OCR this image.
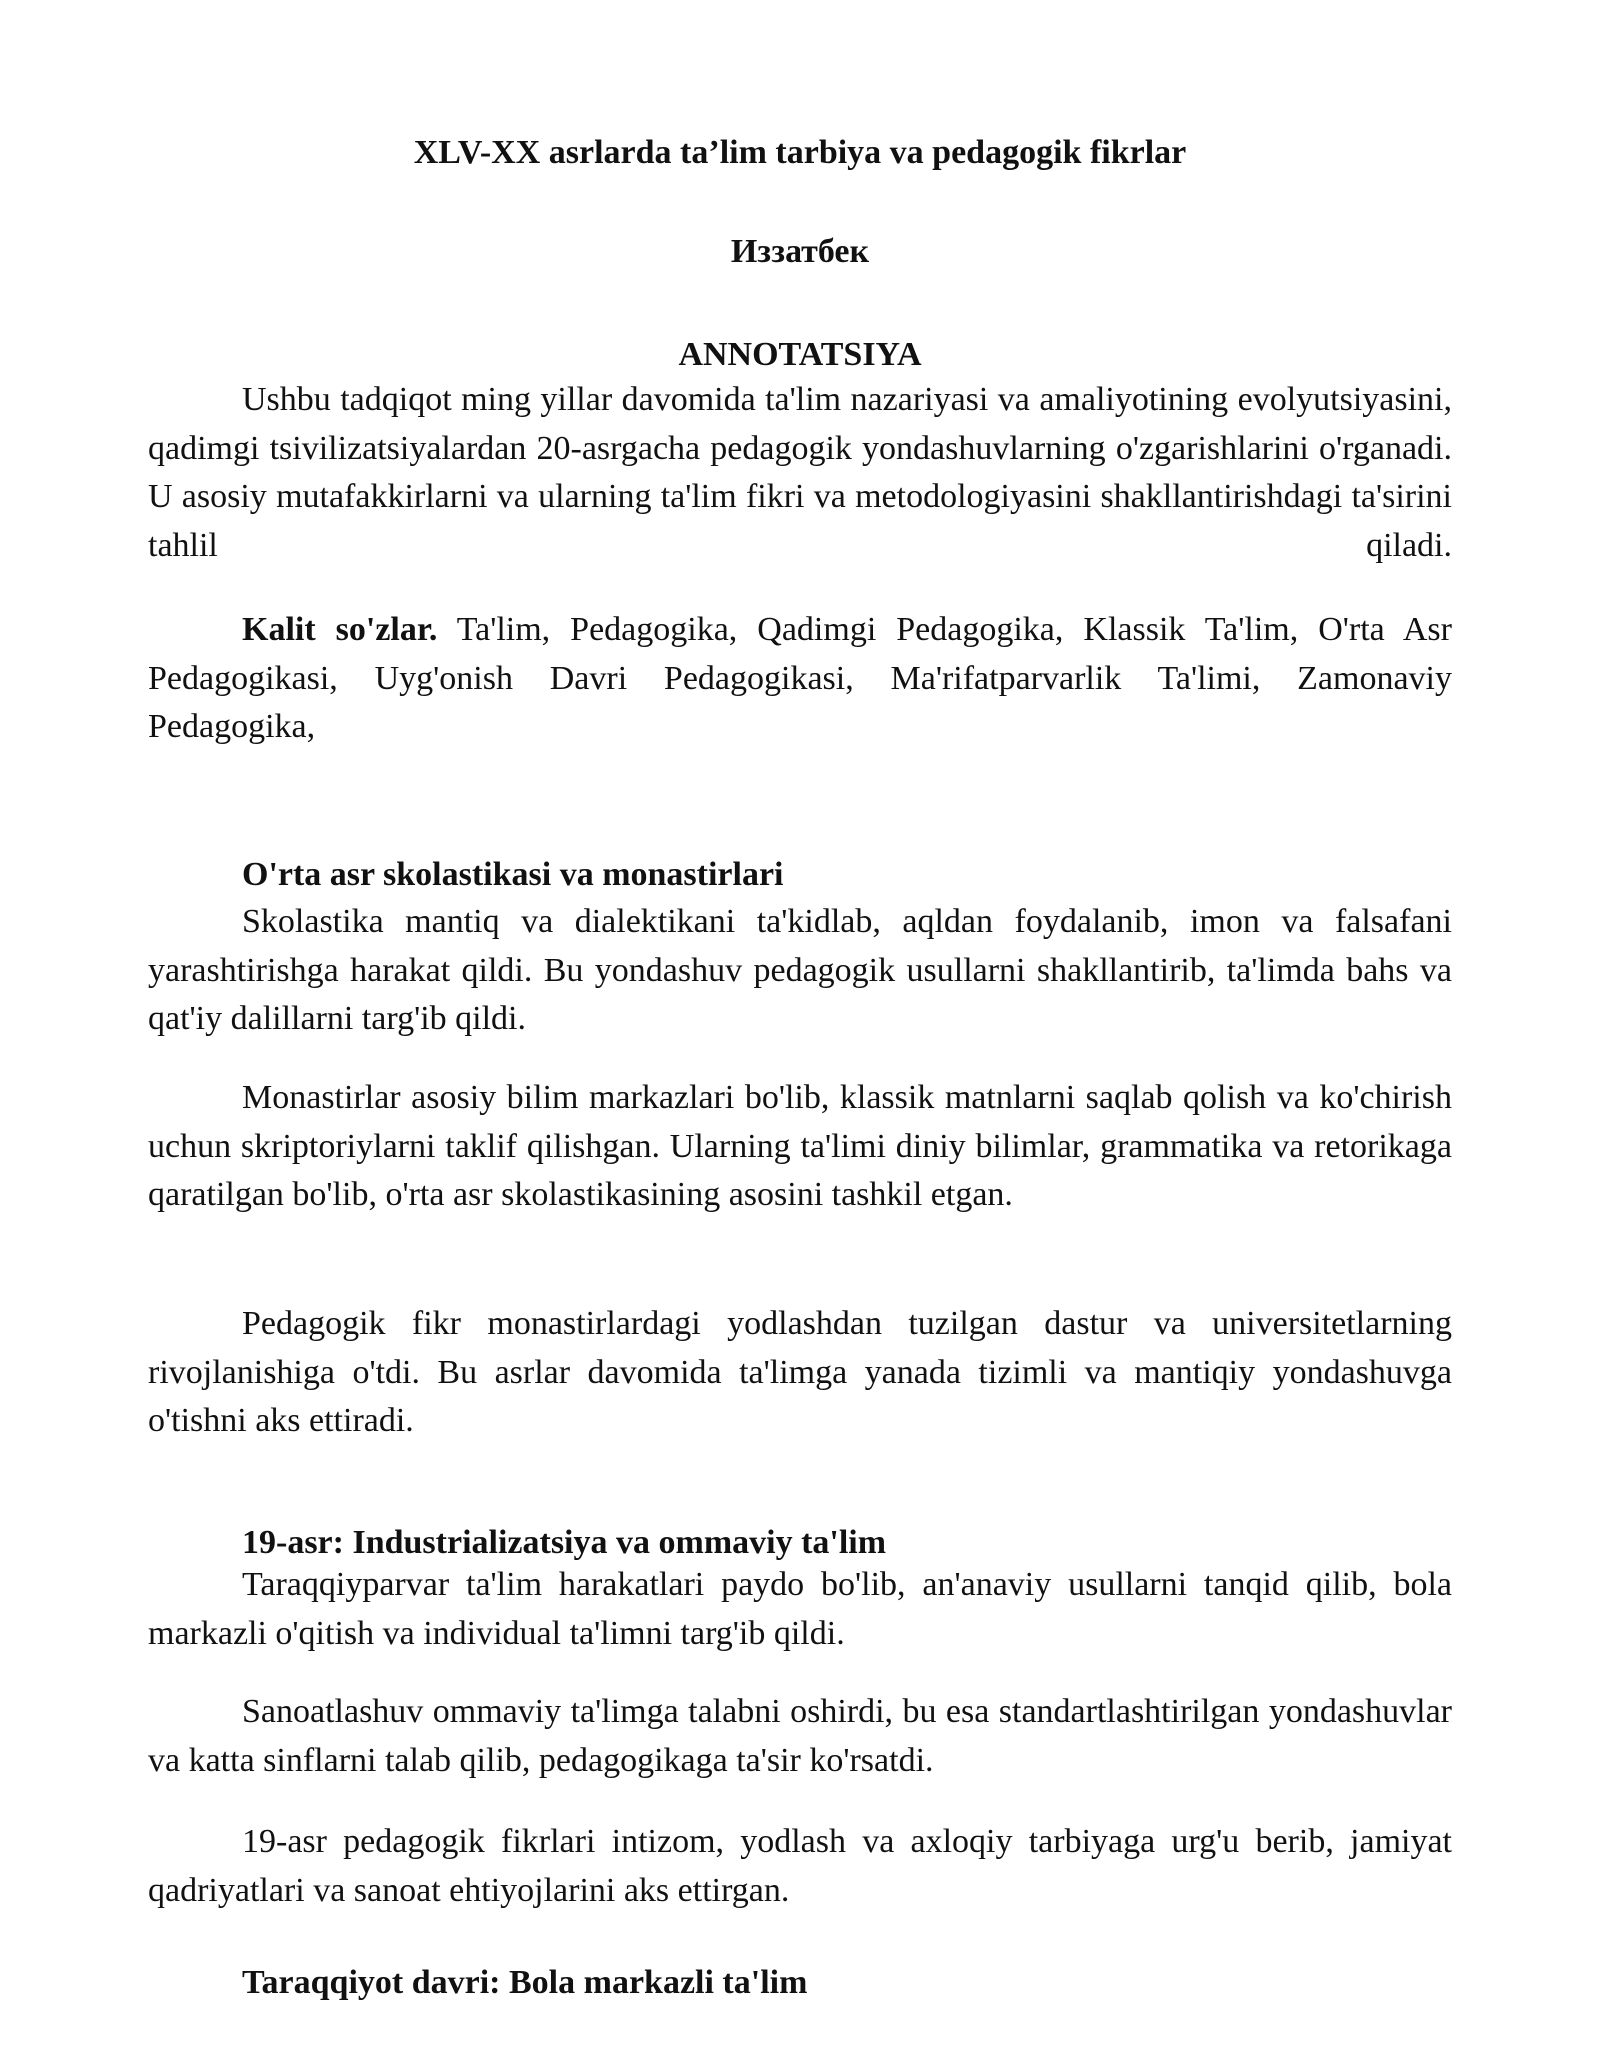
XLV-XX asrlarda ta’lim tarbiya va pedagogik fikrlar
Иззатбек
ANNOTATSIYA

Ushbu tadqiqot ming yillar davomida ta'lim nazariyasi va amaliyotining evolyutsiyasini, qadimgi tsivilizatsiyalardan 20-asrgacha pedagogik yondashuvlarning o'zgarishlarini o'rganadi. U asosiy mutafakkirlarni va ularning ta'lim fikri va metodologiyasini shakllantirishdagi ta'sirini tahlil qiladi.

Kalit so'zlar. Ta'lim, Pedagogika, Qadimgi Pedagogika, Klassik Ta'lim, O'rta Asr Pedagogikasi, Uyg'onish Davri Pedagogikasi, Ma'rifatparvarlik Ta'limi, Zamonaviy Pedagogika,

O'rta asr skolastikasi va monastirlari

Skolastika mantiq va dialektikani ta'kidlab, aqldan foydalanib, imon va falsafani yarashtirishga harakat qildi. Bu yondashuv pedagogik usullarni shakllantirib, ta'limda bahs va qat'iy dalillarni targ'ib qildi.

Monastirlar asosiy bilim markazlari bo'lib, klassik matnlarni saqlab qolish va ko'chirish uchun skriptoriylarni taklif qilishgan. Ularning ta'limi diniy bilimlar, grammatika va retorikaga qaratilgan bo'lib, o'rta asr skolastikasining asosini tashkil etgan.

Pedagogik fikr monastirlardagi yodlashdan tuzilgan dastur va universitetlarning rivojlanishiga o'tdi. Bu asrlar davomida ta'limga yanada tizimli va mantiqiy yondashuvga o'tishni aks ettiradi.

19-asr: Industrializatsiya va ommaviy ta'lim

Taraqqiyparvar ta'lim harakatlari paydo bo'lib, an'anaviy usullarni tanqid qilib, bola markazli o'qitish va individual ta'limni targ'ib qildi.

Sanoatlashuv ommaviy ta'limga talabni oshirdi, bu esa standartlashtirilgan yondashuvlar va katta sinflarni talab qilib, pedagogikaga ta'sir ko'rsatdi.

19-asr pedagogik fikrlari intizom, yodlash va axloqiy tarbiyaga urg'u berib, jamiyat qadriyatlari va sanoat ehtiyojlarini aks ettirgan.

Taraqqiyot davri: Bola markazli ta'lim
